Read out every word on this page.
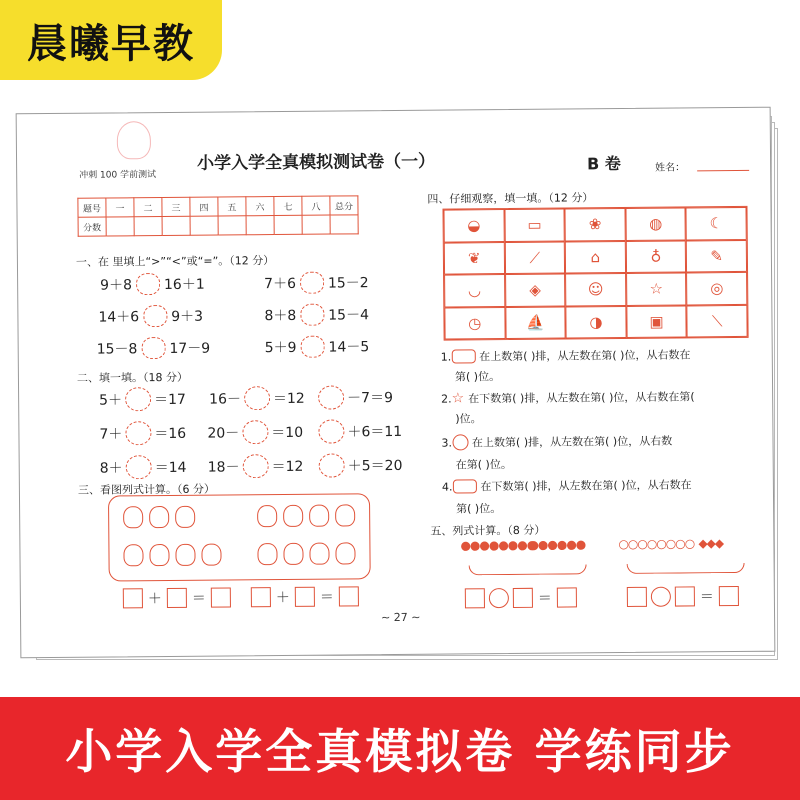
晨曦早教
冲刺 100 学前测试
小学入学全真模拟测试卷（一）	B 卷	姓名：
题号	一	二	三	四	五	六	七	八	总分
分数									
一、在 里填上“>”“<”或“=”。（12 分）
9＋8 16＋1	7＋6 15－2
14＋6 9＋3	8＋8 15－4
15－8 17－9	5＋9 14－5
二、填一填。（18 分）
5＋ ＝17 16－ ＝12	－7＝9
7＋ ＝16 20－ ＝10	＋6＝11
8＋ ＝14 18－ ＝12	＋5＝20
三、看图列式计算。（6 分）
＋ ＝	＋ ＝
~ 27 ~
四、仔细观察，填一填。（12 分）
◒	▭	❀	◍	☾
❦	⟋	⌂	♁	✎
◡	◈	☺	☆	◎
◷	⛵	◑	▣	⟍
1.	在上数第( )排，从左数在第( )位，从右数在
第( )位。
2. ☆ 在下数第( )排，从左数在第( )位，从右数在第(
)位。
3. 在上数第( )排，从左数在第( )位，从右数
在第( )位。
4.	在下数第( )排，从左数在第( )位，从右数在
第( )位。
五、列式计算。（8 分）
●●●●●●●●
●●●●●●	○○○○○○○○ ◆◆◆
＝	＝
小学入学全真模拟卷 学练同步
